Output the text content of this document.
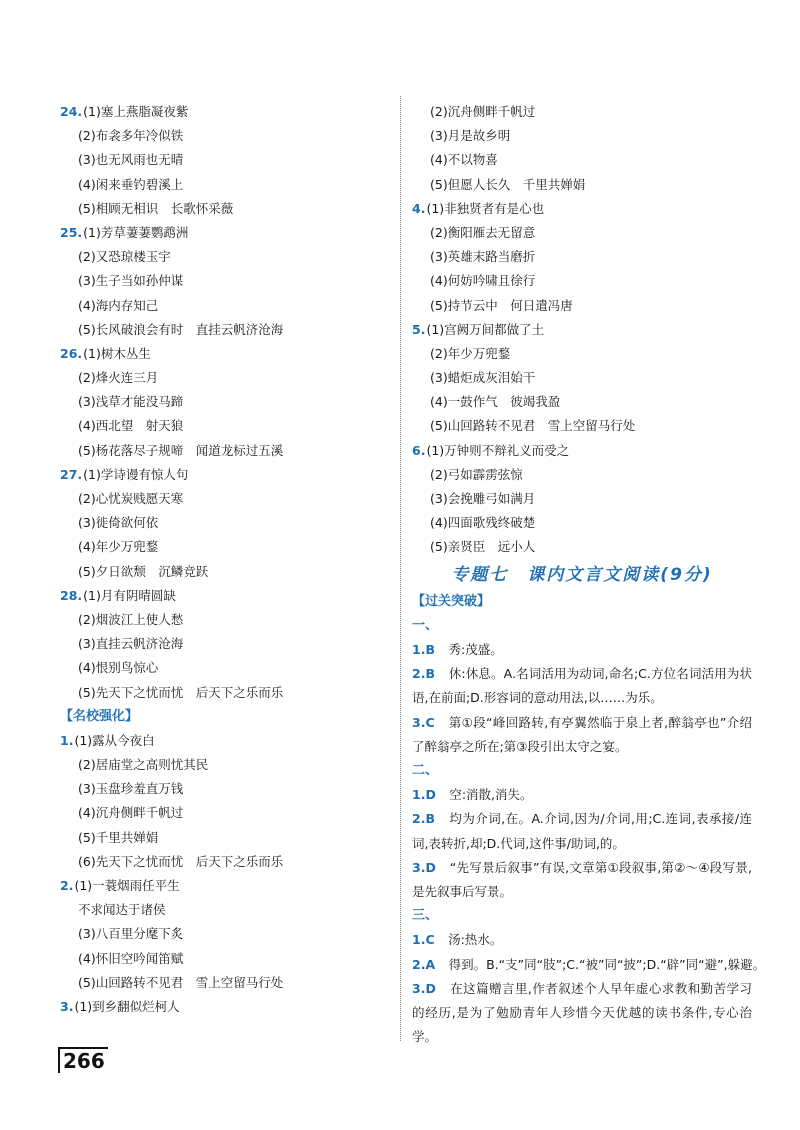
24.(1)塞上燕脂凝夜紫
(2)布衾多年冷似铁
(3)也无风雨也无晴
(4)闲来垂钓碧溪上
(5)相顾无相识　长歌怀采薇
25.(1)芳草萋萋鹦鹉洲
(2)又恐琼楼玉宇
(3)生子当如孙仲谋
(4)海内存知己
(5)长风破浪会有时　直挂云帆济沧海
26.(1)树木丛生
(2)烽火连三月
(3)浅草才能没马蹄
(4)西北望　射天狼
(5)杨花落尽子规啼　闻道龙标过五溪
27.(1)学诗谩有惊人句
(2)心忧炭贱愿天寒
(3)徙倚欲何依
(4)年少万兜鍪
(5)夕日欲颓　沉鳞竞跃
28.(1)月有阴晴圆缺
(2)烟波江上使人愁
(3)直挂云帆济沧海
(4)恨别鸟惊心
(5)先天下之忧而忧　后天下之乐而乐
【名校强化】
1.(1)露从今夜白
(2)居庙堂之高则忧其民
(3)玉盘珍羞直万钱
(4)沉舟侧畔千帆过
(5)千里共婵娟
(6)先天下之忧而忧　后天下之乐而乐
2.(1)一蓑烟雨任平生
不求闻达于诸侯
(3)八百里分麾下炙
(4)怀旧空吟闻笛赋
(5)山回路转不见君　雪上空留马行处
3.(1)到乡翻似烂柯人
(2)沉舟侧畔千帆过
(3)月是故乡明
(4)不以物喜
(5)但愿人长久　千里共婵娟
4.(1)非独贤者有是心也
(2)衡阳雁去无留意
(3)英雄末路当磨折
(4)何妨吟啸且徐行
(5)持节云中　何日遣冯唐
5.(1)宫阙万间都做了土
(2)年少万兜鍪
(3)蜡炬成灰泪始干
(4)一鼓作气　彼竭我盈
(5)山回路转不见君　雪上空留马行处
6.(1)万钟则不辩礼义而受之
(2)弓如霹雳弦惊
(3)会挽雕弓如满月
(4)四面歌残终破楚
(5)亲贤臣　远小人
专题七　课内文言文阅读(9分)
【过关突破】
一、
1.B　秀:茂盛。
2.B　休:休息。A.名词活用为动词,命名;C.方位名词活用为状语,在前面;D.形容词的意动用法,以……为乐。
3.C　第①段“峰回路转,有亭翼然临于泉上者,醉翁亭也”介绍了醉翁亭之所在;第③段引出太守之宴。
二、
1.D　空:消散,消失。
2.B　均为介词,在。A.介词,因为/介词,用;C.连词,表承接/连词,表转折,却;D.代词,这件事/助词,的。
3.D　“先写景后叙事”有误,文章第①段叙事,第②～④段写景,是先叙事后写景。
三、
1.C　汤:热水。
2.A　得到。B.“支”同“肢”;C.“被”同“披”;D.“辟”同“避”,躲避。
3.D　在这篇赠言里,作者叙述个人早年虚心求教和勤苦学习的经历,是为了勉励青年人珍惜今天优越的读书条件,专心治学。
266
